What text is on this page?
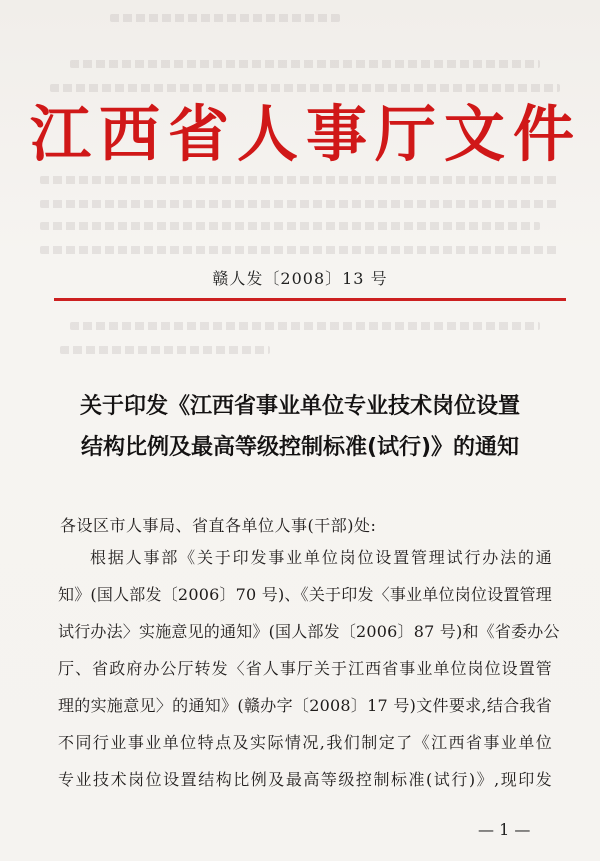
江西省人事厅文件
赣人发〔2008〕13 号
关于印发《江西省事业单位专业技术岗位设置
结构比例及最高等级控制标准(试行)》的通知
各设区市人事局、省直各单位人事(干部)处:
根据人事部《关于印发事业单位岗位设置管理试行办法的通
知》(国人部发〔2006〕70 号)、《关于印发〈事业单位岗位设置管理
试行办法〉实施意见的通知》(国人部发〔2006〕87 号)和《省委办公
厅、省政府办公厅转发〈省人事厅关于江西省事业单位岗位设置管
理的实施意见〉的通知》(赣办字〔2008〕17 号)文件要求,结合我省
不同行业事业单位特点及实际情况,我们制定了《江西省事业单位
专业技术岗位设置结构比例及最高等级控制标准(试行)》,现印发
— 1 —
